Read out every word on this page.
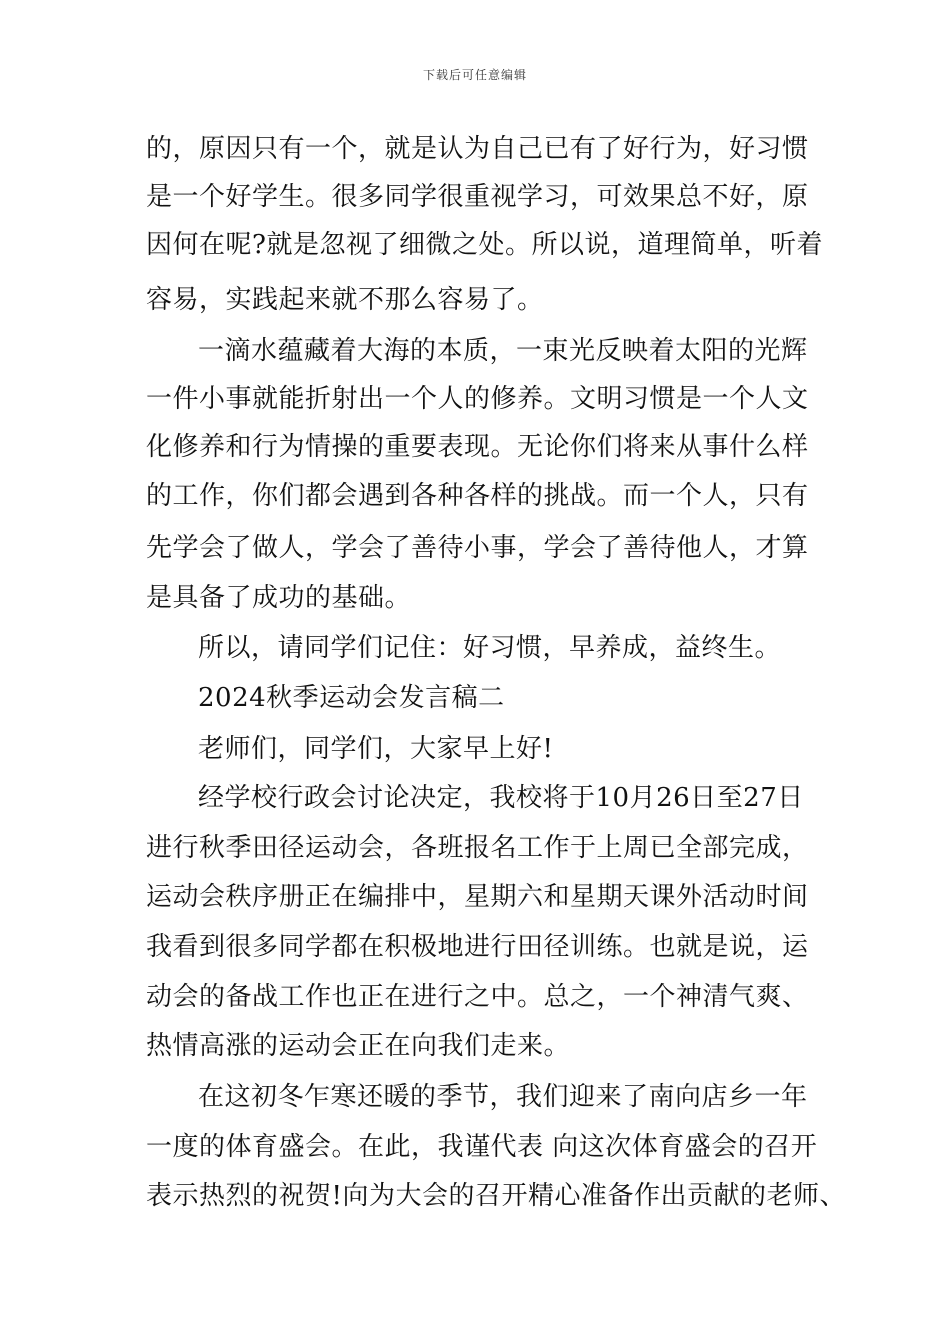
下载后可任意编辑
的，原因只有一个，就是认为自己已有了好行为，好习惯
是一个好学生。很多同学很重视学习，可效果总不好，原
因何在呢?就是忽视了细微之处。所以说，道理简单，听着
容易，实践起来就不那么容易了。
一滴水蕴藏着大海的本质，一束光反映着太阳的光辉
一件小事就能折射出一个人的修养。文明习惯是一个人文
化修养和行为情操的重要表现。无论你们将来从事什么样
的工作，你们都会遇到各种各样的挑战。而一个人，只有
先学会了做人，学会了善待小事，学会了善待他人，才算
是具备了成功的基础。
所以，请同学们记住：好习惯，早养成，益终生。
2024秋季运动会发言稿二
老师们，同学们，大家早上好!
经学校行政会讨论决定，我校将于10月26日至27日
进行秋季田径运动会，各班报名工作于上周已全部完成，
运动会秩序册正在编排中，星期六和星期天课外活动时间
我看到很多同学都在积极地进行田径训练。也就是说，运
动会的备战工作也正在进行之中。总之，一个神清气爽、
热情高涨的运动会正在向我们走来。
在这初冬乍寒还暖的季节，我们迎来了南向店乡一年
一度的体育盛会。在此，我谨代表 向这次体育盛会的召开
表示热烈的祝贺!向为大会的召开精心准备作出贡献的老师、
